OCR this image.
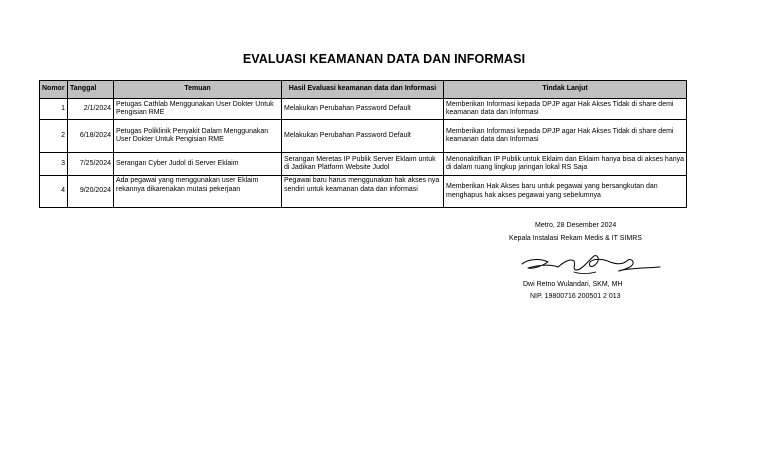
EVALUASI KEAMANAN DATA DAN INFORMASI
Nomor	Tanggal	Temuan	Hasil Evaluasi keamanan data dan Informasi	Tindak Lanjut
1	2/1/2024	Petugas Cathlab Menggunakan User Dokter Untuk Pengisian RME	Melakukan Perubahan Password Default	Memberikan Informasi kepada DPJP agar Hak Akses Tidak di share demi keamanan data dan Informasi
2	6/18/2024	Petugas Poliklinik Penyakit Dalam Menggunakan User Dokter Untuk Pengisian RME	Melakukan Perubahan Password Default	Memberikan Informasi kepada DPJP agar Hak Akses Tidak di share demi keamanan data dan Informasi
3	7/25/2024	Serangan Cyber Judol di Server Eklaim	Serangan Meretas IP Publik Server Eklaim untuk di Jadikan Platform Website Judol	Menonaktifkan IP Publik untuk Eklaim dan Eklaim hanya bisa di akses hanya di dalam ruang lingkup jaringan lokal RS Saja
4	9/20/2024	Ada pegawai yang menggunakan user Eklaim rekannya dikarenakan mutasi pekerjaan	Pegawai baru harus menggunakan hak akses nya sendiri untuk keamanan data dan informasi	Memberikan Hak Akses baru untuk pegawai yang bersangkutan dan menghapus hak akses pegawai yang sebelumnya
Metro, 28 Desember 2024
Kepala Instalasi Rekam Medis & IT SIMRS
Dwi Retno Wulandari, SKM, MH
NIP. 19800716 200501 2 013
